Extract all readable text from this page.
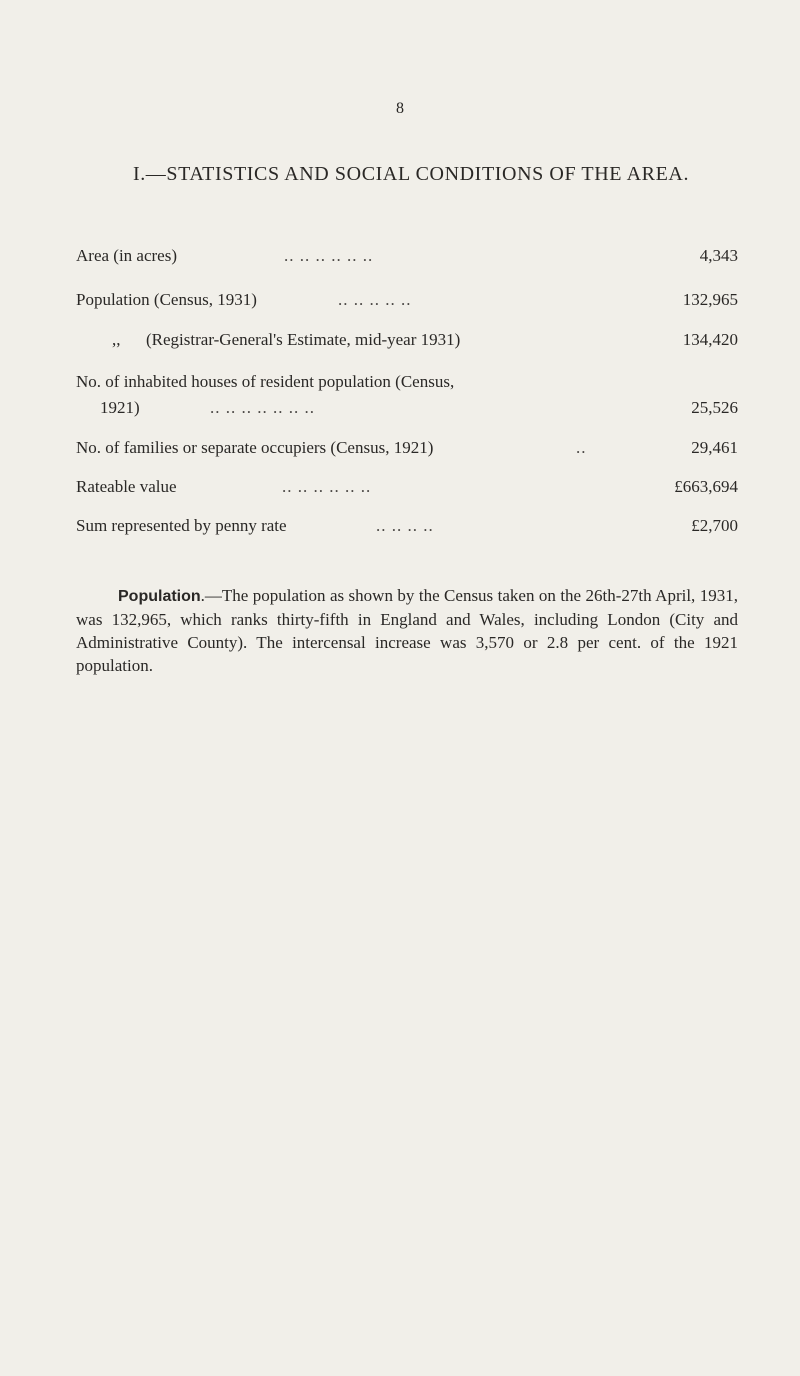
8
I.—STATISTICS AND SOCIAL CONDITIONS OF THE AREA.
Area (in acres)	.. .. .. .. .. ..	4,343
Population (Census, 1931)	.. .. .. .. ..	132,965
,,      (Registrar-General's Estimate, mid-year 1931)	134,420
No. of inhabited houses of resident population (Census,
1921)	.. .. .. .. .. .. ..	25,526
No. of families or separate occupiers (Census, 1921)	..	29,461
Rateable value	.. .. .. .. .. ..	£663,694
Sum represented by penny rate	.. .. .. ..	£2,700

Population.—The population as shown by the Census taken on the 26th-27th April, 1931, was 132,965, which ranks thirty-fifth in England and Wales, including London (City and Administrative County). The intercensal increase was 3,570 or 2.8 per cent. of the 1921 population.
